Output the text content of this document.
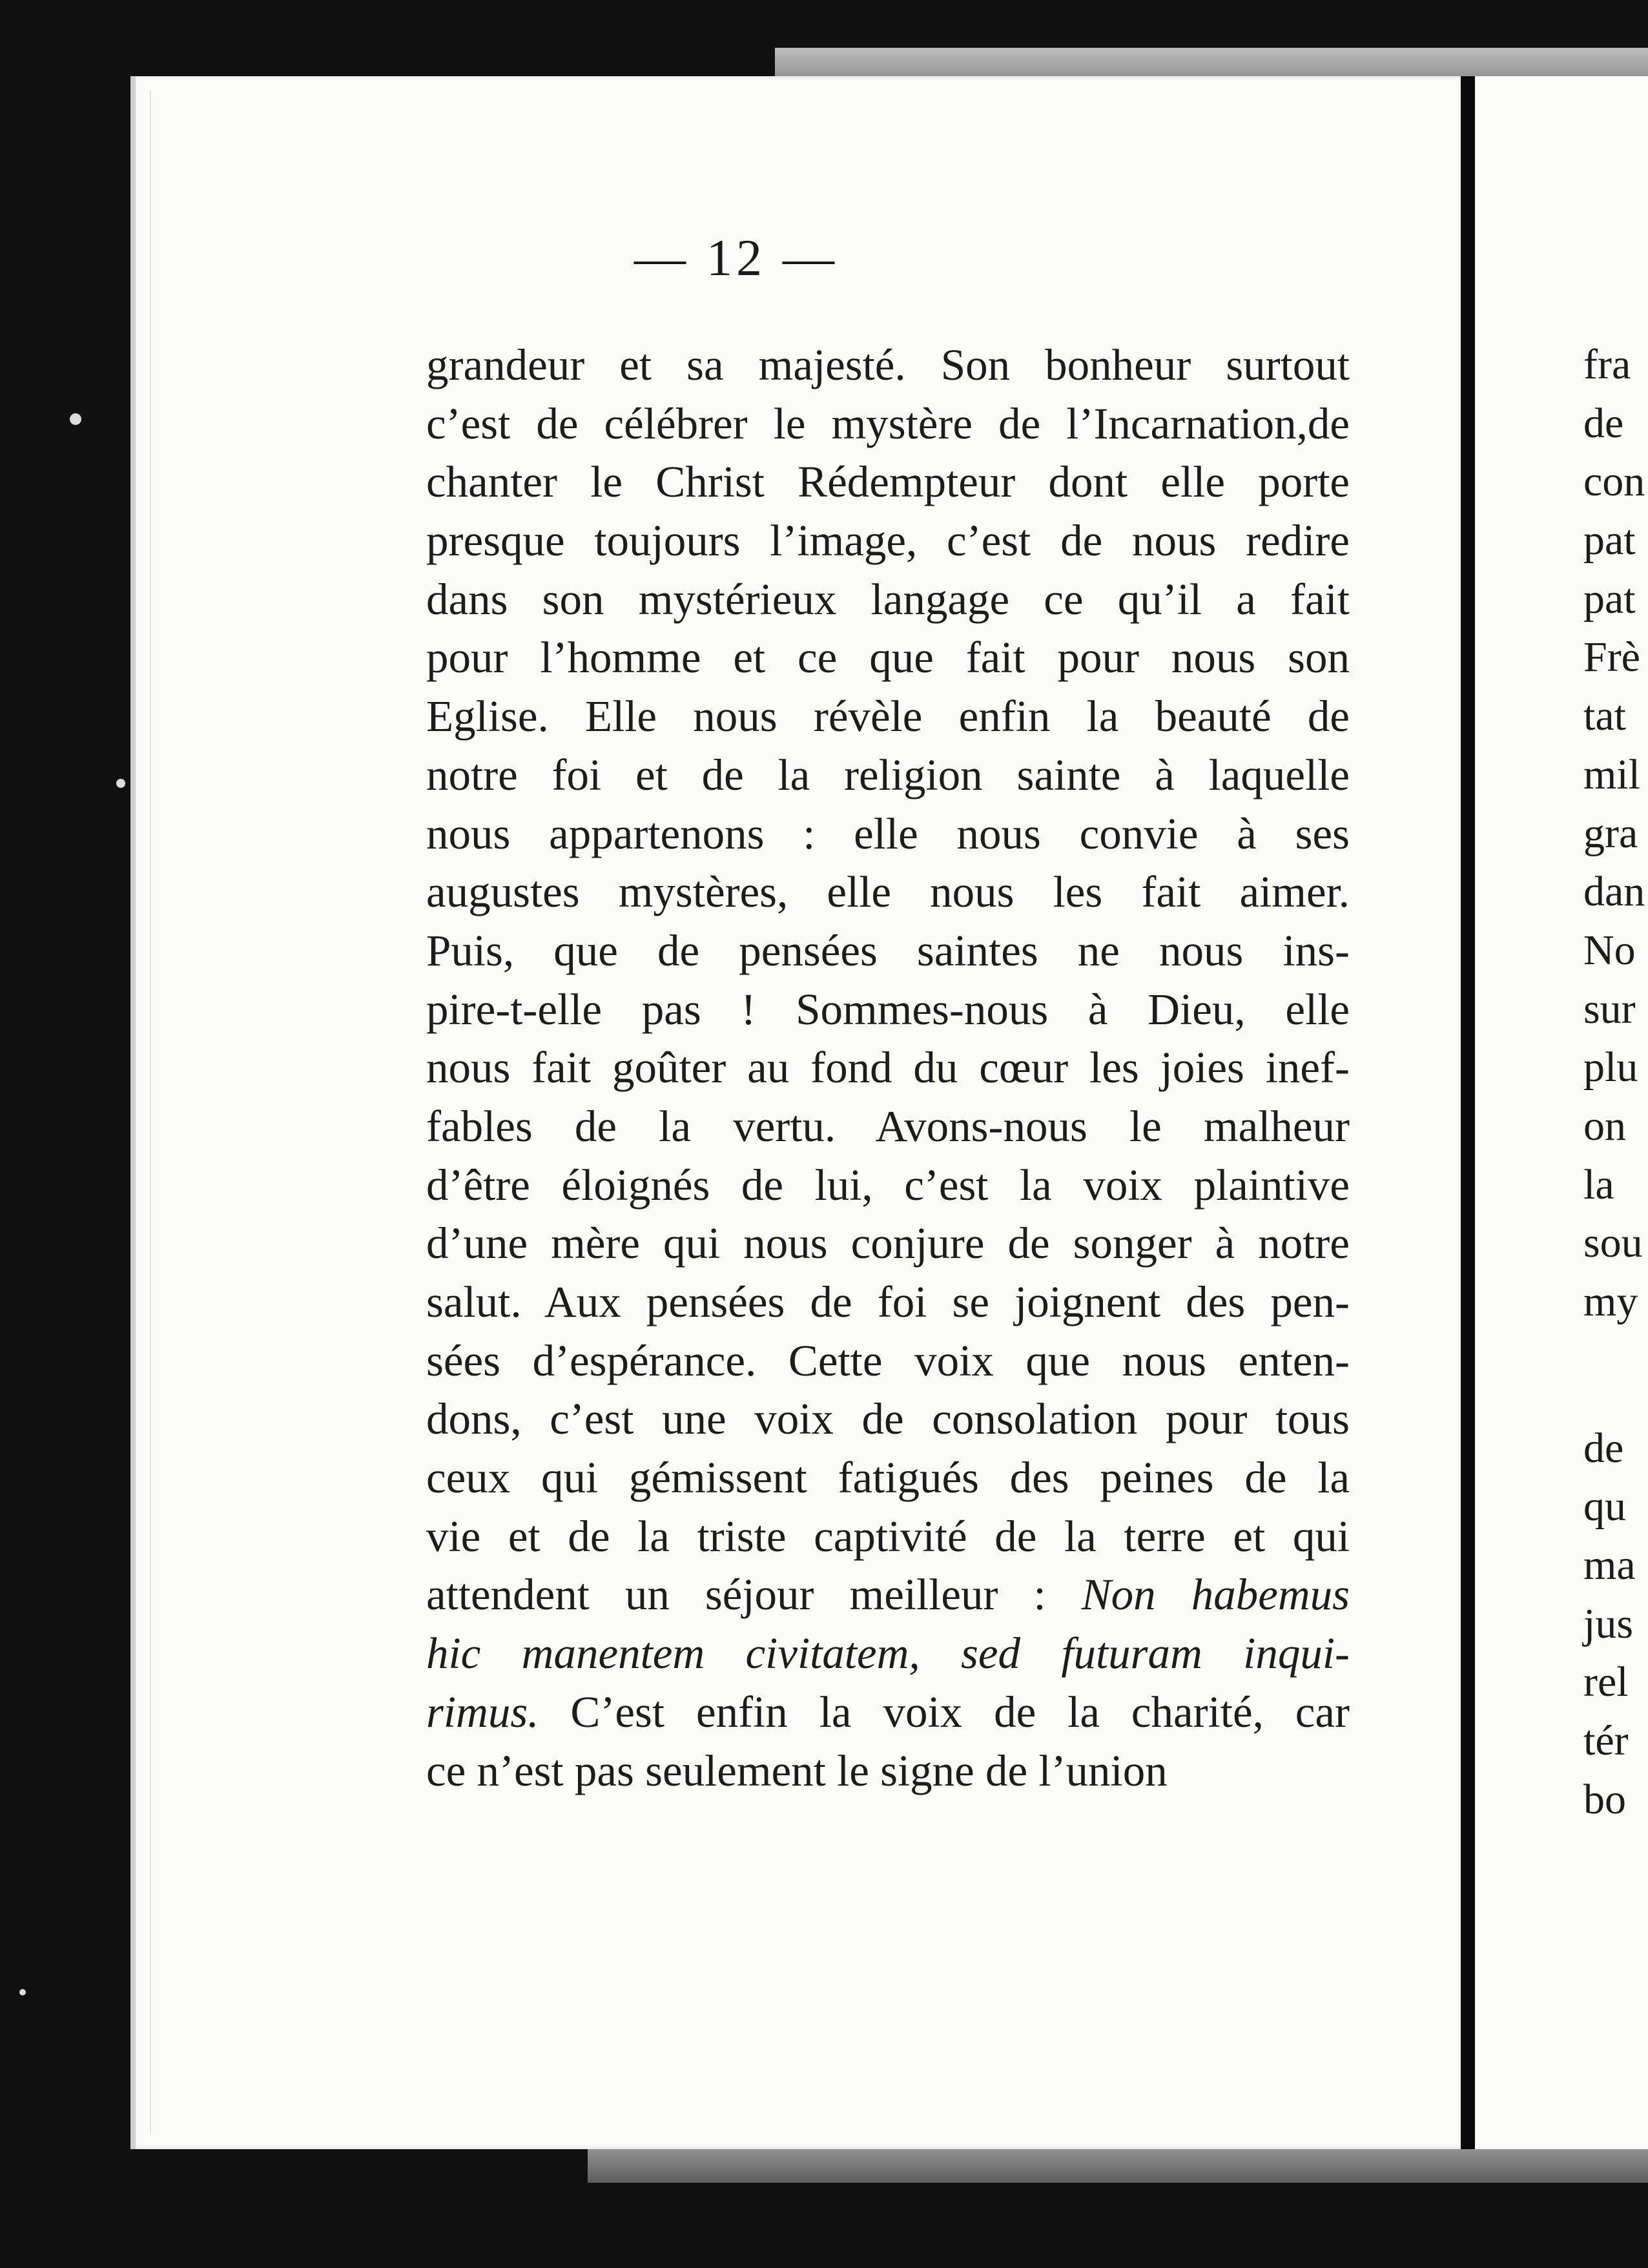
— 12 —
grandeur et sa majesté. Son bonheur surtout
c’est de célébrer le mystère de l’Incarnation,de
chanter le Christ Rédempteur dont elle porte
presque toujours l’image, c’est de nous redire
dans son mystérieux langage ce qu’il a fait
pour l’homme et ce que fait pour nous son
Eglise. Elle nous révèle enfin la beauté de
notre foi et de la religion sainte à laquelle
nous appartenons : elle nous convie à ses
augustes mystères, elle nous les fait aimer.
Puis, que de pensées saintes ne nous ins-
pire-t-elle pas ! Sommes-nous à Dieu, elle
nous fait goûter au fond du cœur les joies inef-
fables de la vertu. Avons-nous le malheur
d’être éloignés de lui, c’est la voix plaintive
d’une mère qui nous conjure de songer à notre
salut. Aux pensées de foi se joignent des pen-
sées d’espérance. Cette voix que nous enten-
dons, c’est une voix de consolation pour tous
ceux qui gémissent fatigués des peines de la
vie et de la triste captivité de la terre et qui
attendent un séjour meilleur : Non habemus
hic manentem civitatem, sed futuram inqui-
rimus. C’est enfin la voix de la charité, car
ce n’est pas seulement le signe de l’union
fra
de
con
pat
pat
Frè
tat
mil
gra
dan
No
sur
plu
on
la
sou
my
de
qu
ma
jus
rel
tér
bo
